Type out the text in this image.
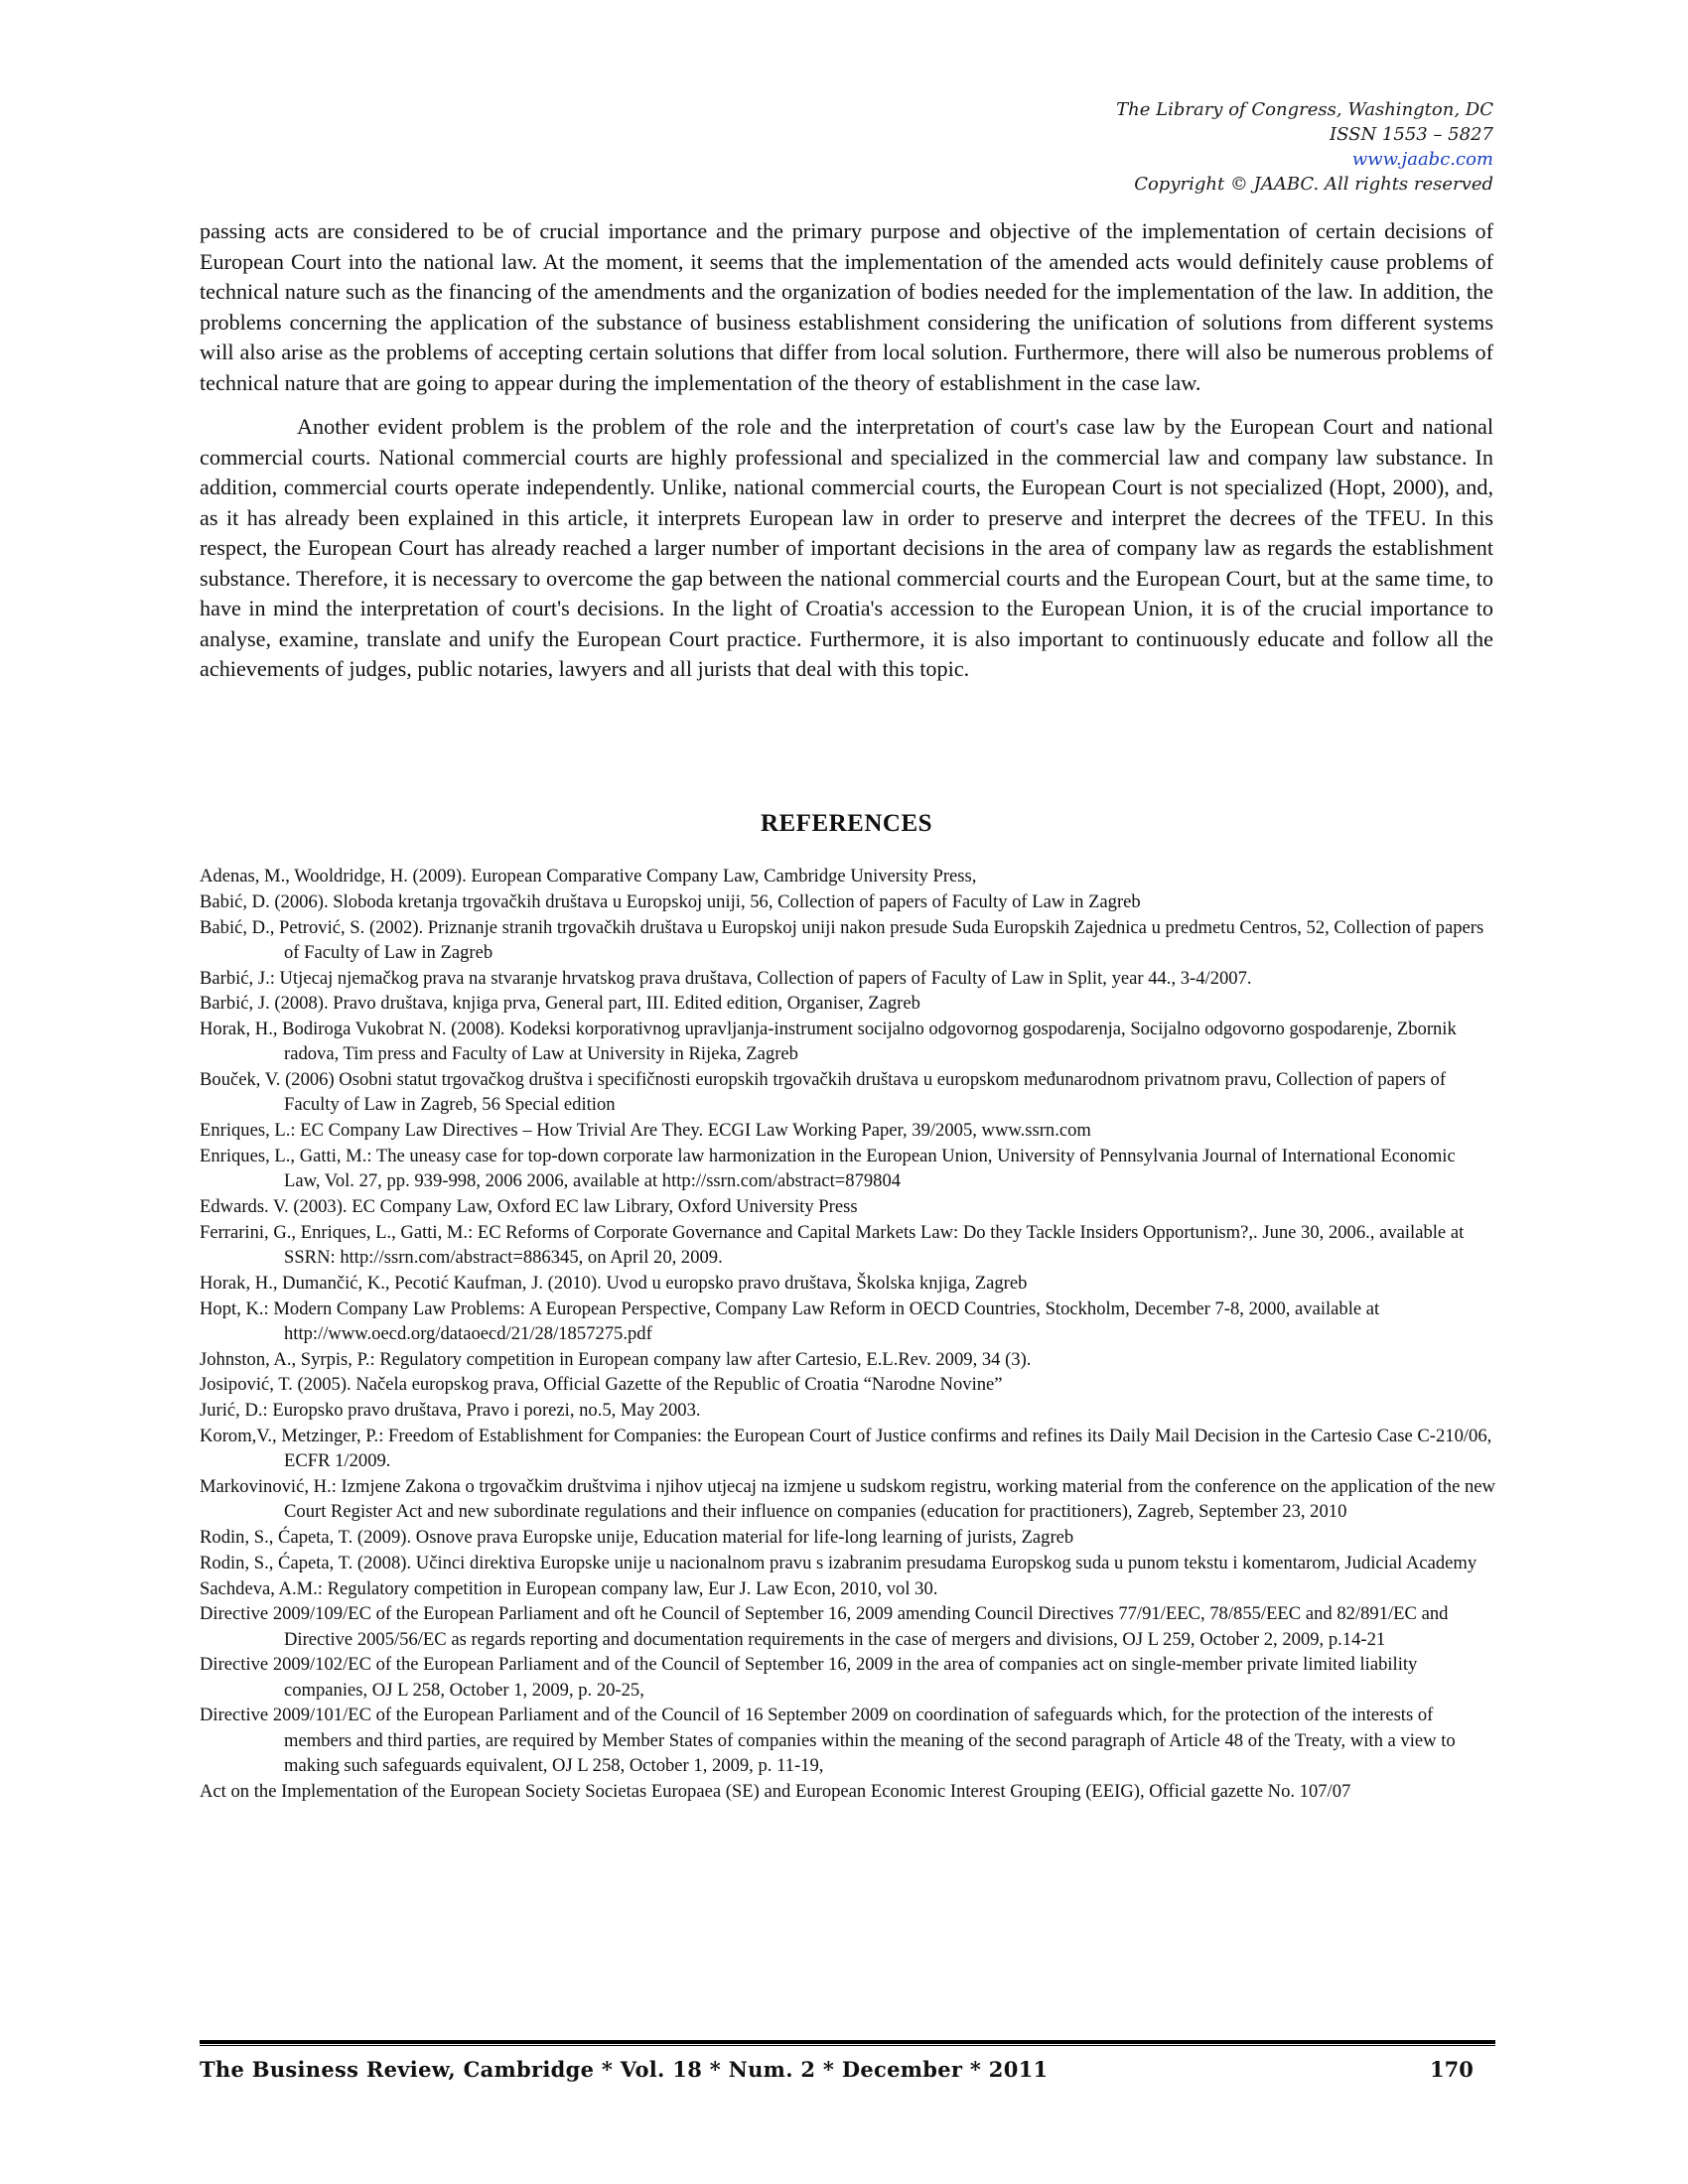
The Library of Congress, Washington, DC
ISSN 1553 – 5827
www.jaabc.com
Copyright © JAABC. All rights reserved

passing acts are considered to be of crucial importance and the primary purpose and objective of the implementation of certain decisions of European Court into the national law. At the moment, it seems that the implementation of the amended acts would definitely cause problems of technical nature such as the financing of the amendments and the organization of bodies needed for the implementation of the law. In addition, the problems concerning the application of the substance of business establishment considering the unification of solutions from different systems will also arise as the problems of accepting certain solutions that differ from local solution. Furthermore, there will also be numerous problems of technical nature that are going to appear during the implementation of the theory of establishment in the case law.

Another evident problem is the problem of the role and the interpretation of court's case law by the European Court and national commercial courts. National commercial courts are highly professional and specialized in the commercial law and company law substance. In addition, commercial courts operate independently. Unlike, national commercial courts, the European Court is not specialized (Hopt, 2000), and, as it has already been explained in this article, it interprets European law in order to preserve and interpret the decrees of the TFEU. In this respect, the European Court has already reached a larger number of important decisions in the area of company law as regards the establishment substance. Therefore, it is necessary to overcome the gap between the national commercial courts and the European Court, but at the same time, to have in mind the interpretation of court's decisions. In the light of Croatia's accession to the European Union, it is of the crucial importance to analyse, examine, translate and unify the European Court practice. Furthermore, it is also important to continuously educate and follow all the achievements of judges, public notaries, lawyers and all jurists that deal with this topic.

REFERENCES
Adenas, M., Wooldridge, H. (2009). European Comparative Company Law, Cambridge University Press,
Babić, D. (2006). Sloboda kretanja trgovačkih društava u Europskoj uniji, 56, Collection of papers of Faculty of Law in Zagreb
Babić, D., Petrović, S. (2002). Priznanje stranih trgovačkih društava u Europskoj uniji nakon presude Suda Europskih Zajednica u predmetu Centros, 52, Collection of papers of Faculty of Law in Zagreb
Barbić, J.: Utjecaj njemačkog prava na stvaranje hrvatskog prava društava, Collection of papers of Faculty of Law in Split, year 44., 3-4/2007.
Barbić, J. (2008). Pravo društava, knjiga prva, General part, III. Edited edition, Organiser, Zagreb
Horak, H., Bodiroga Vukobrat N. (2008). Kodeksi korporativnog upravljanja-instrument socijalno odgovornog gospodarenja, Socijalno odgovorno gospodarenje, Zbornik radova, Tim press and Faculty of Law at University in Rijeka, Zagreb
Bouček, V. (2006) Osobni statut trgovačkog društva i specifičnosti europskih trgovačkih društava u europskom međunarodnom privatnom pravu, Collection of papers of Faculty of Law in Zagreb, 56 Special edition
Enriques, L.: EC Company Law Directives – How Trivial Are They. ECGI Law Working Paper, 39/2005, www.ssrn.com
Enriques, L., Gatti, M.: The uneasy case for top-down corporate law harmonization in the European Union, University of Pennsylvania Journal of International Economic Law, Vol. 27, pp. 939-998, 2006 2006, available at http://ssrn.com/abstract=879804
Edwards. V. (2003). EC Company Law, Oxford EC law Library, Oxford University Press
Ferrarini, G., Enriques, L., Gatti, M.: EC Reforms of Corporate Governance and Capital Markets Law: Do they Tackle Insiders Opportunism?,. June 30, 2006., available at SSRN: http://ssrn.com/abstract=886345, on April 20, 2009.
Horak, H., Dumančić, K., Pecotić Kaufman, J. (2010). Uvod u europsko pravo društava, Školska knjiga, Zagreb
Hopt, K.: Modern Company Law Problems: A European Perspective, Company Law Reform in OECD Countries, Stockholm, December 7-8, 2000, available at http://www.oecd.org/dataoecd/21/28/1857275.pdf
Johnston, A., Syrpis, P.: Regulatory competition in European company law after Cartesio, E.L.Rev. 2009, 34 (3).
Josipović, T. (2005). Načela europskog prava, Official Gazette of the Republic of Croatia “Narodne Novine”
Jurić, D.: Europsko pravo društava, Pravo i porezi, no.5, May 2003.
Korom,V., Metzinger, P.: Freedom of Establishment for Companies: the European Court of Justice confirms and refines its Daily Mail Decision in the Cartesio Case C-210/06, ECFR 1/2009.
Markovinović, H.: Izmjene Zakona o trgovačkim društvima i njihov utjecaj na izmjene u sudskom registru, working material from the conference on the application of the new Court Register Act and new subordinate regulations and their influence on companies (education for practitioners), Zagreb, September 23, 2010
Rodin, S., Ćapeta, T. (2009). Osnove prava Europske unije, Education material for life-long learning of jurists, Zagreb
Rodin, S., Ćapeta, T. (2008). Učinci direktiva Europske unije u nacionalnom pravu s izabranim presudama Europskog suda u punom tekstu i komentarom, Judicial Academy
Sachdeva, A.M.: Regulatory competition in European company law, Eur J. Law Econ, 2010, vol 30.
Directive 2009/109/EC of the European Parliament and oft he Council of September 16, 2009 amending Council Directives 77/91/EEC, 78/855/EEC and 82/891/EC and Directive 2005/56/EC as regards reporting and documentation requirements in the case of mergers and divisions, OJ L 259, October 2, 2009, p.14-21
Directive 2009/102/EC of the European Parliament and of the Council of September 16, 2009 in the area of companies act on single-member private limited liability companies, OJ L 258, October 1, 2009, p. 20-25,
Directive 2009/101/EC of the European Parliament and of the Council of 16 September 2009 on coordination of safeguards which, for the protection of the interests of members and third parties, are required by Member States of companies within the meaning of the second paragraph of Article 48 of the Treaty, with a view to making such safeguards equivalent, OJ L 258, October 1, 2009, p. 11-19,
Act on the Implementation of the European Society Societas Europaea (SE) and European Economic Interest Grouping (EEIG), Official gazette No. 107/07
The Business Review, Cambridge * Vol. 18 * Num. 2 * December * 2011	170
